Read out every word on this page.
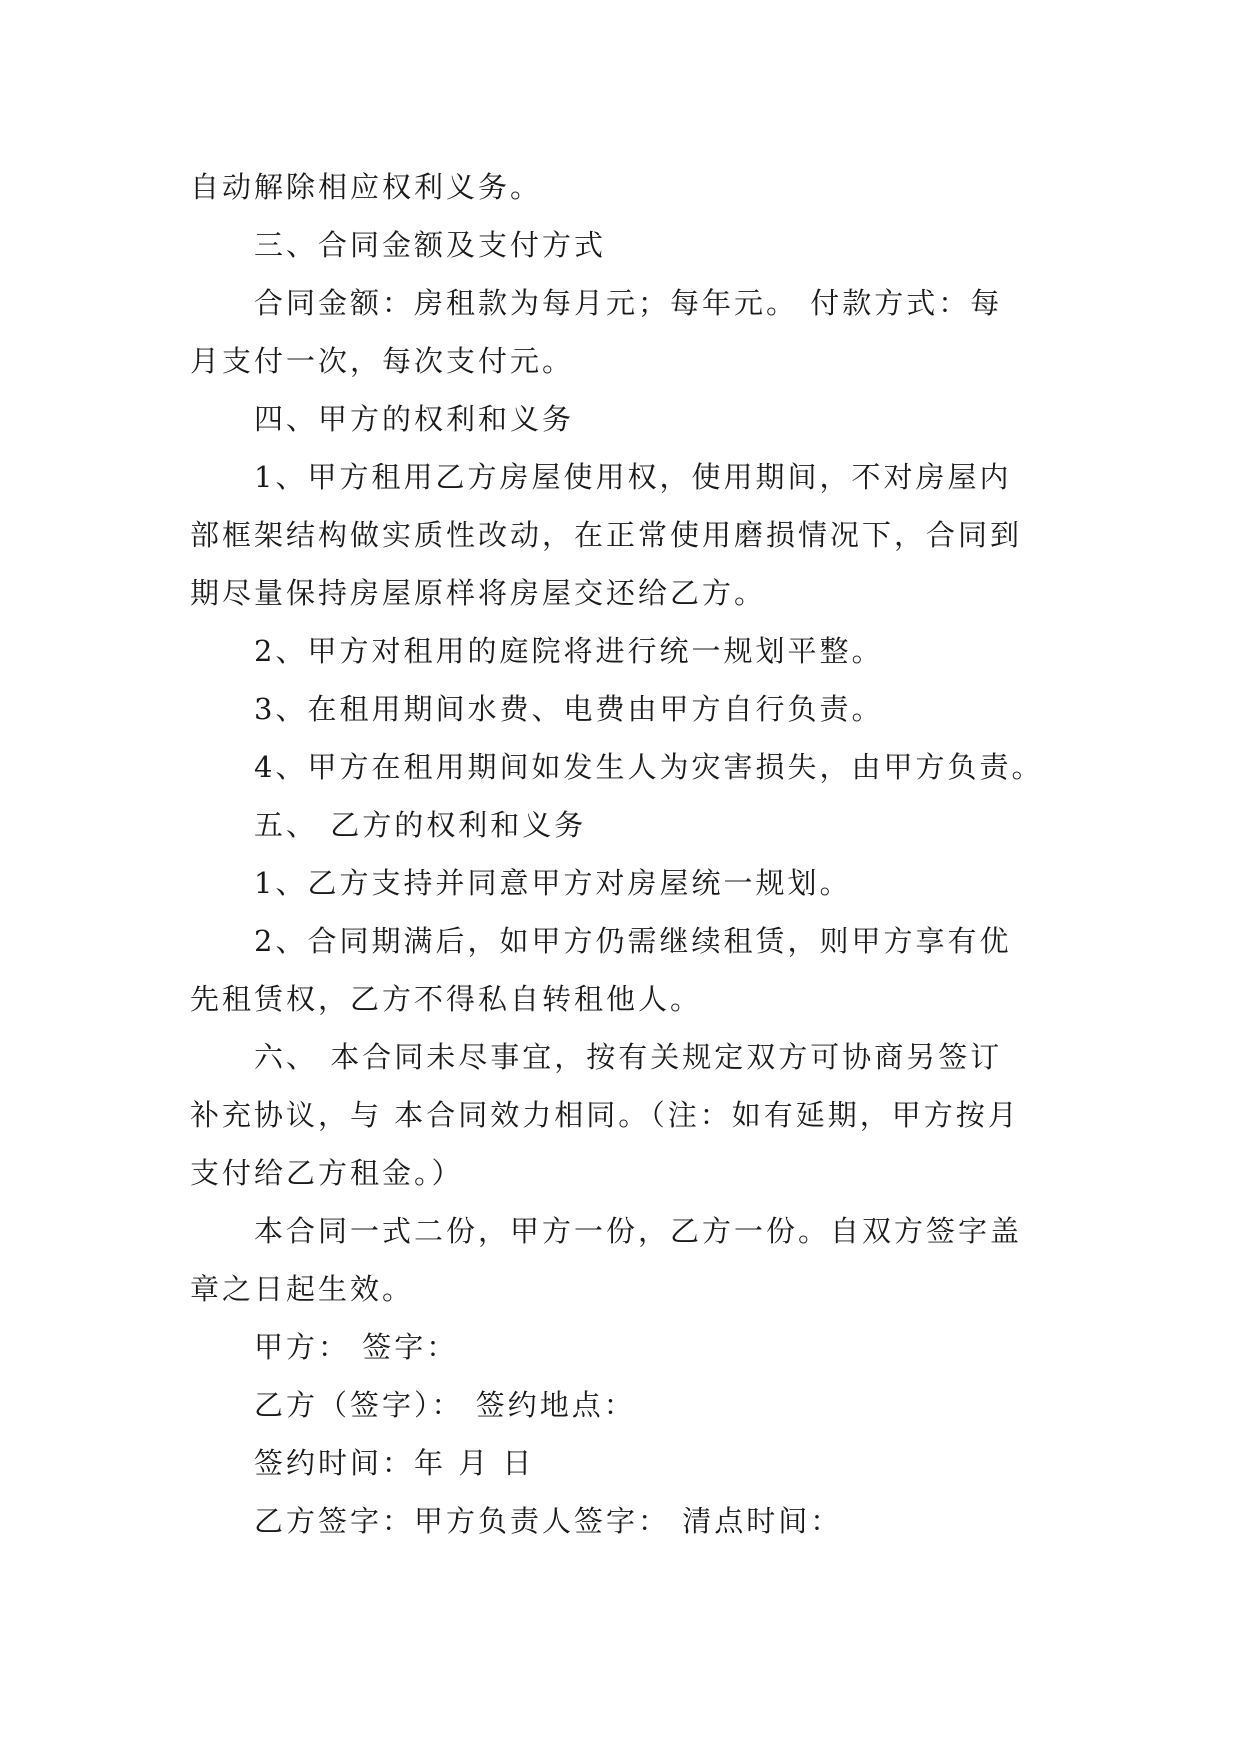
自动解除相应权利义务。
三、合同金额及支付方式
合同金额：房租款为每月元；每年元。 付款方式：每
月支付一次，每次支付元。
四、甲方的权利和义务
1、甲方租用乙方房屋使用权，使用期间，不对房屋内
部框架结构做实质性改动，在正常使用磨损情况下，合同到
期尽量保持房屋原样将房屋交还给乙方。
2、甲方对租用的庭院将进行统一规划平整。
3、在租用期间水费、电费由甲方自行负责。
4、甲方在租用期间如发生人为灾害损失，由甲方负责。
五、 乙方的权利和义务
1、乙方支持并同意甲方对房屋统一规划。
2、合同期满后，如甲方仍需继续租赁，则甲方享有优
先租赁权，乙方不得私自转租他人。
六、 本合同未尽事宜，按有关规定双方可协商另签订
补充协议，与 本合同效力相同。（注：如有延期，甲方按月
支付给乙方租金。）
本合同一式二份，甲方一份，乙方一份。自双方签字盖
章之日起生效。
甲方： 签字：
乙方（签字）： 签约地点：
签约时间：年 月 日
乙方签字：甲方负责人签字： 清点时间：
